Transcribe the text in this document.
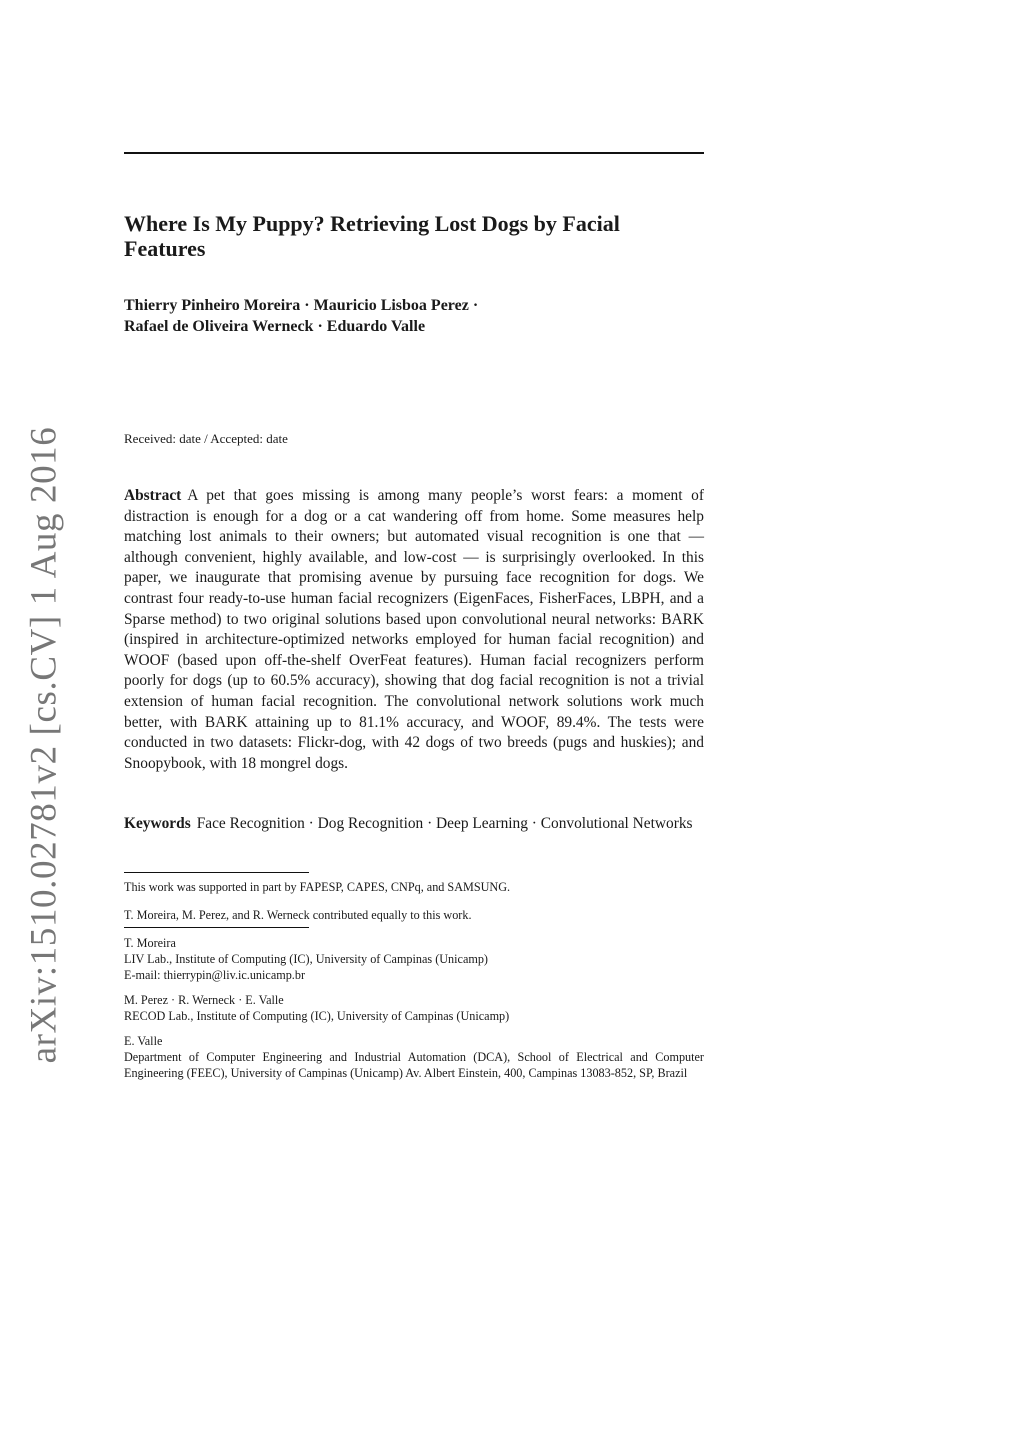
arXiv:1510.02781v2 [cs.CV] 1 Aug 2016
Where Is My Puppy? Retrieving Lost Dogs by Facial Features

Thierry Pinheiro Moreira · Mauricio Lisboa Perez · Rafael de Oliveira Werneck · Eduardo Valle

Received: date / Accepted: date

Abstract A pet that goes missing is among many people’s worst fears: a moment of distraction is enough for a dog or a cat wandering off from home. Some measures help matching lost animals to their owners; but automated visual recognition is one that — although convenient, highly available, and low-cost — is surprisingly overlooked. In this paper, we inaugurate that promising avenue by pursuing face recognition for dogs. We contrast four ready-to-use human facial recognizers (EigenFaces, FisherFaces, LBPH, and a Sparse method) to two original solutions based upon convolutional neural networks: BARK (inspired in architecture-optimized networks employed for human facial recognition) and WOOF (based upon off-the-shelf OverFeat features). Human facial recognizers perform poorly for dogs (up to 60.5% accuracy), showing that dog facial recognition is not a trivial extension of human facial recognition. The convolutional network solutions work much better, with BARK attaining up to 81.1% accuracy, and WOOF, 89.4%. The tests were conducted in two datasets: Flickr-dog, with 42 dogs of two breeds (pugs and huskies); and Snoopybook, with 18 mongrel dogs.

Keywords Face Recognition · Dog Recognition · Deep Learning · Convolutional Networks

This work was supported in part by FAPESP, CAPES, CNPq, and SAMSUNG.

T. Moreira, M. Perez, and R. Werneck contributed equally to this work.

T. Moreira
LIV Lab., Institute of Computing (IC), University of Campinas (Unicamp)
E-mail: thierrypin@liv.ic.unicamp.br
M. Perez · R. Werneck · E. Valle
RECOD Lab., Institute of Computing (IC), University of Campinas (Unicamp)
E. Valle
Department of Computer Engineering and Industrial Automation (DCA), School of Electrical and Computer Engineering (FEEC), University of Campinas (Unicamp) Av. Albert Einstein, 400, Campinas 13083-852, SP, Brazil
